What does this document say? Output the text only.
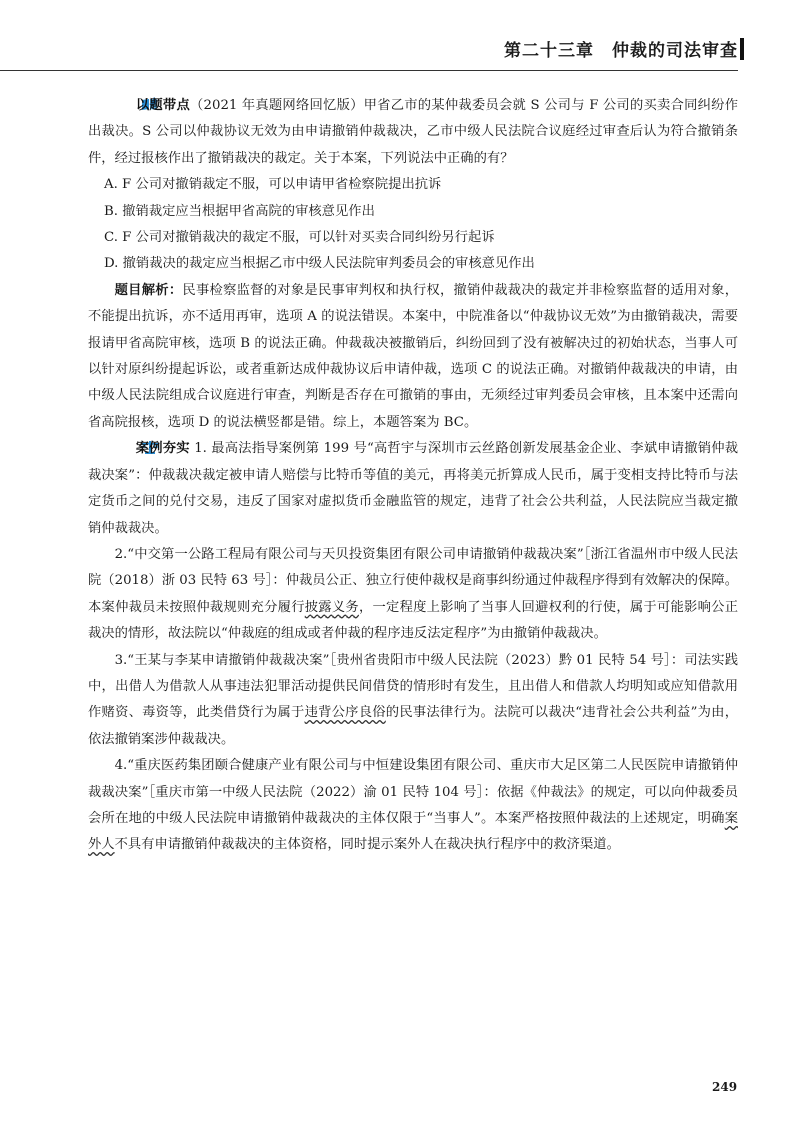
第二十三章　仲裁的司法审查

以题带点（2021 年真题网络回忆版）甲省乙市的某仲裁委员会就 S 公司与 F 公司的买卖合同纠纷作出裁决。S 公司以仲裁协议无效为由申请撤销仲裁裁决，乙市中级人民法院合议庭经过审查后认为符合撤销条件，经过报核作出了撤销裁决的裁定。关于本案，下列说法中正确的有？

A. F 公司对撤销裁定不服，可以申请甲省检察院提出抗诉

B. 撤销裁定应当根据甲省高院的审核意见作出

C. F 公司对撤销裁决的裁定不服，可以针对买卖合同纠纷另行起诉

D. 撤销裁决的裁定应当根据乙市中级人民法院审判委员会的审核意见作出

题目解析：民事检察监督的对象是民事审判权和执行权，撤销仲裁裁决的裁定并非检察监督的适用对象，不能提出抗诉，亦不适用再审，选项 A 的说法错误。本案中，中院准备以“仲裁协议无效”为由撤销裁决，需要报请甲省高院审核，选项 B 的说法正确。仲裁裁决被撤销后，纠纷回到了没有被解决过的初始状态，当事人可以针对原纠纷提起诉讼，或者重新达成仲裁协议后申请仲裁，选项 C 的说法正确。对撤销仲裁裁决的申请，由中级人民法院组成合议庭进行审查，判断是否存在可撤销的事由，无须经过审判委员会审核，且本案中还需向省高院报核，选项 D 的说法横竖都是错。综上，本题答案为 BC。

案例夯实 1. 最高法指导案例第 199 号“高哲宇与深圳市云丝路创新发展基金企业、李斌申请撤销仲裁裁决案”：仲裁裁决裁定被申请人赔偿与比特币等值的美元，再将美元折算成人民币，属于变相支持比特币与法定货币之间的兑付交易，违反了国家对虚拟货币金融监管的规定，违背了社会公共利益，人民法院应当裁定撤销仲裁裁决。

2.“中交第一公路工程局有限公司与天贝投资集团有限公司申请撤销仲裁裁决案”［浙江省温州市中级人民法院（2018）浙 03 民特 63 号］：仲裁员公正、独立行使仲裁权是商事纠纷通过仲裁程序得到有效解决的保障。本案仲裁员未按照仲裁规则充分履行披露义务，一定程度上影响了当事人回避权利的行使，属于可能影响公正裁决的情形，故法院以“仲裁庭的组成或者仲裁的程序违反法定程序”为由撤销仲裁裁决。

3.“王某与李某申请撤销仲裁裁决案”［贵州省贵阳市中级人民法院（2023）黔 01 民特 54 号］：司法实践中，出借人为借款人从事违法犯罪活动提供民间借贷的情形时有发生，且出借人和借款人均明知或应知借款用作赌资、毒资等，此类借贷行为属于违背公序良俗的民事法律行为。法院可以裁决“违背社会公共利益”为由，依法撤销案涉仲裁裁决。

4.“重庆医药集团颐合健康产业有限公司与中恒建设集团有限公司、重庆市大足区第二人民医院申请撤销仲裁裁决案”［重庆市第一中级人民法院（2022）渝 01 民特 104 号］：依据《仲裁法》的规定，可以向仲裁委员会所在地的中级人民法院申请撤销仲裁裁决的主体仅限于“当事人”。本案严格按照仲裁法的上述规定，明确案外人不具有申请撤销仲裁裁决的主体资格，同时提示案外人在裁决执行程序中的救济渠道。

249
